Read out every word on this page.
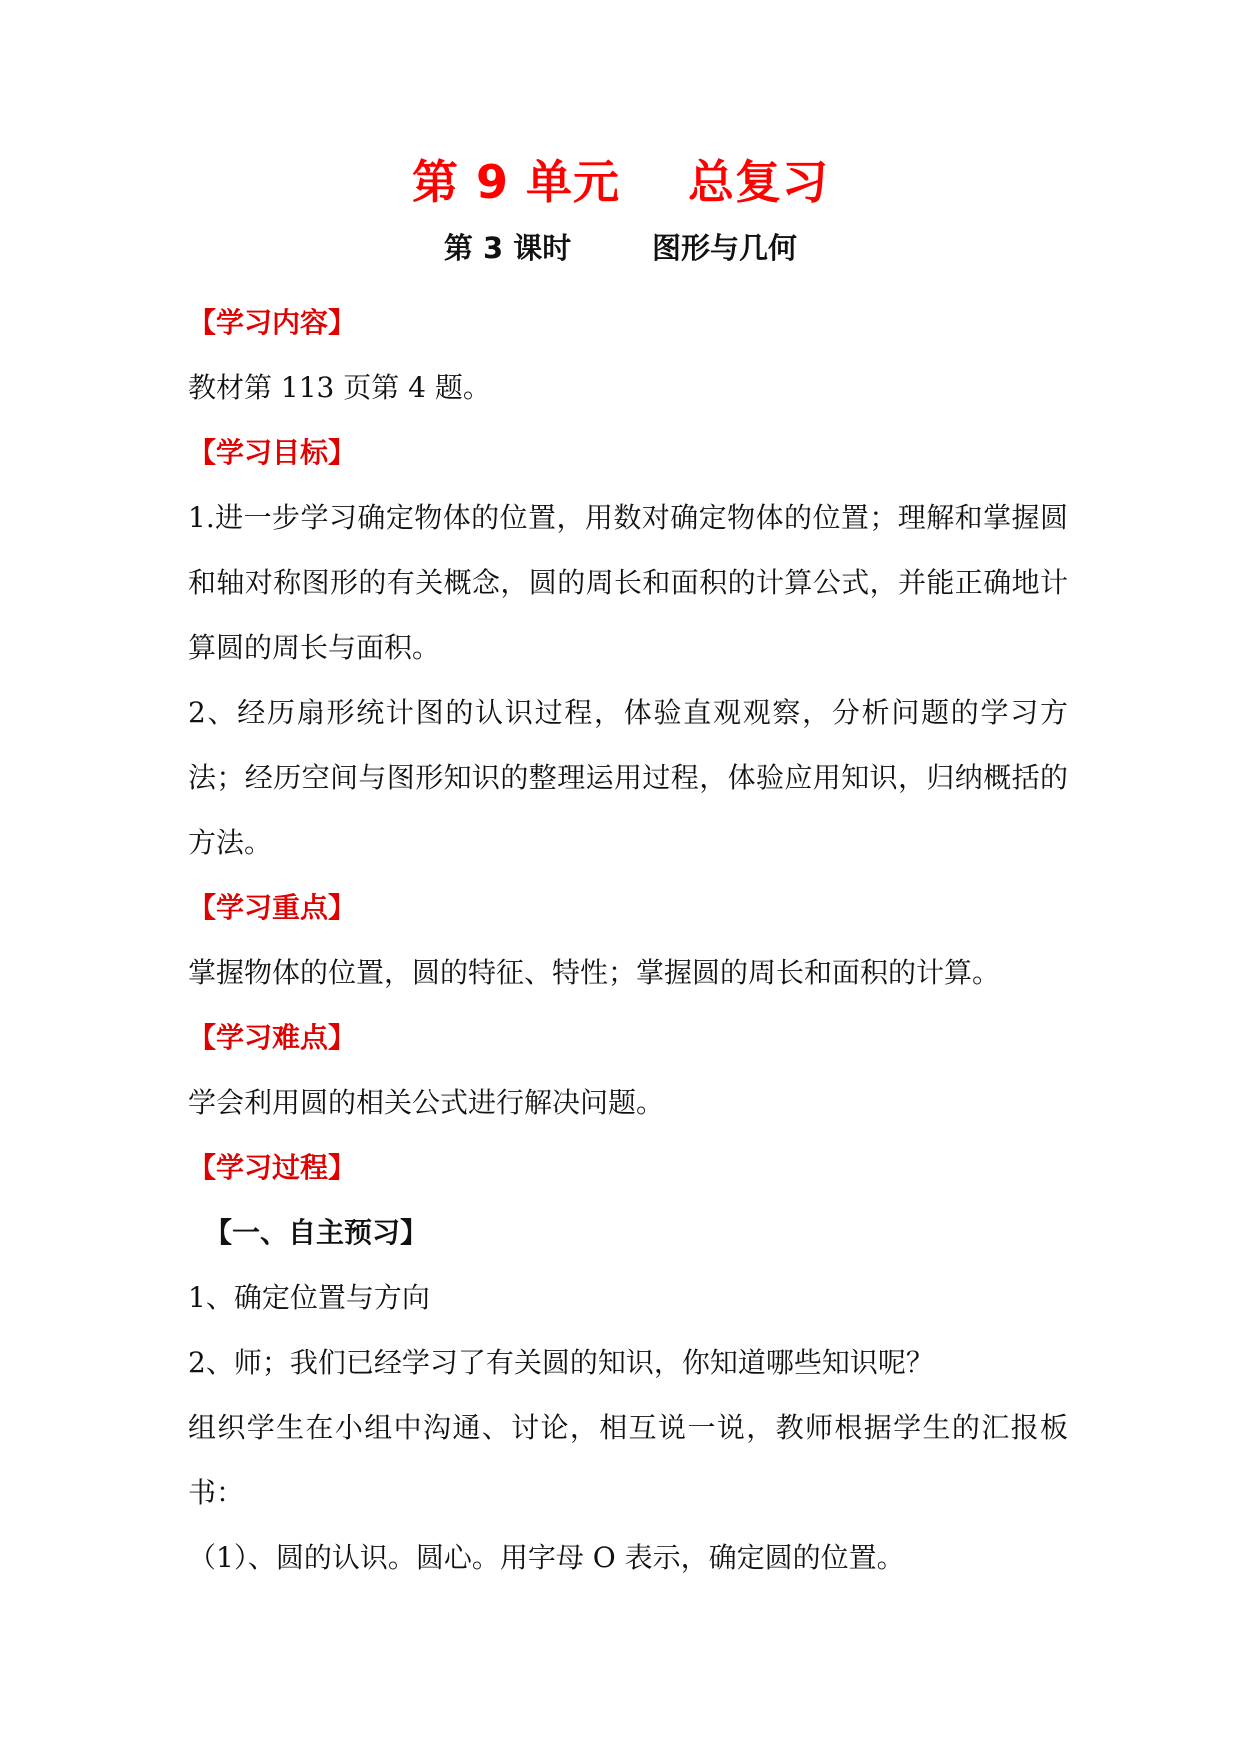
第 9 单元    总复习
第 3 课时        图形与几何

【学习内容】

教材第 113 页第 4 题。

【学习目标】

1.进一步学习确定物体的位置，用数对确定物体的位置；理解和掌握圆和轴对称图形的有关概念，圆的周长和面积的计算公式，并能正确地计算圆的周长与面积。

2、经历扇形统计图的认识过程，体验直观观察，分析问题的学习方法；经历空间与图形知识的整理运用过程，体验应用知识，归纳概括的方法。

【学习重点】

掌握物体的位置，圆的特征、特性；掌握圆的周长和面积的计算。

【学习难点】

学会利用圆的相关公式进行解决问题。

【学习过程】

【一、自主预习】

1、确定位置与方向

2、师；我们已经学习了有关圆的知识，你知道哪些知识呢？

组织学生在小组中沟通、讨论，相互说一说，教师根据学生的汇报板书：

（1）、圆的认识。圆心。用字母 O 表示，确定圆的位置。
